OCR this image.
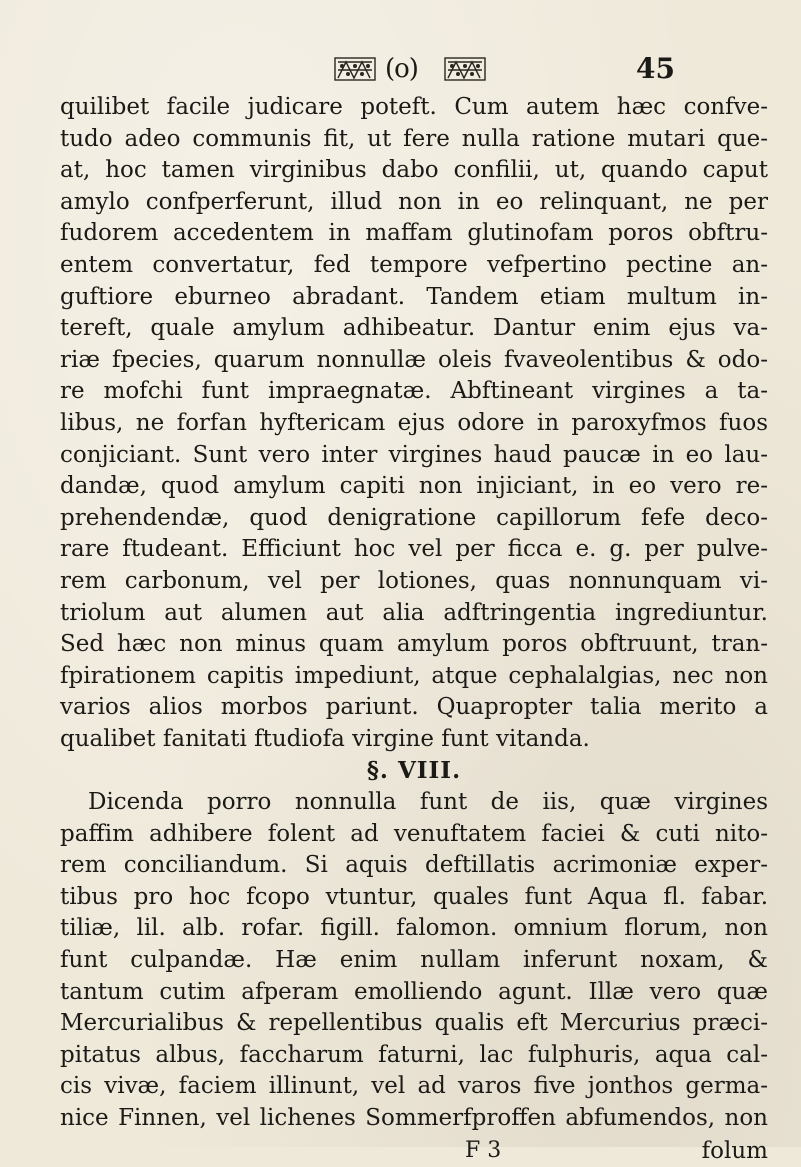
(o)	45
quilibet facile judicare poteft. Cum autem hæc confve-
tudo adeo communis fit, ut fere nulla ratione mutari que-
at, hoc tamen virginibus dabo confilii, ut, quando caput
amylo confperferunt, illud non in eo relinquant, ne per
fudorem accedentem in maffam glutinofam poros obftru-
entem convertatur, fed tempore vefpertino pectine an-
guftiore eburneo abradant. Tandem etiam multum in-
tereft, quale amylum adhibeatur. Dantur enim ejus va-
riæ fpecies, quarum nonnullæ oleis fvaveolentibus & odo-
re mofchi funt impraegnatæ. Abftineant virgines a ta-
libus, ne forfan hyftericam ejus odore in paroxyfmos fuos
conjiciant. Sunt vero inter virgines haud paucæ in eo lau-
dandæ, quod amylum capiti non injiciant, in eo vero re-
prehendendæ, quod denigratione capillorum fefe deco-
rare ftudeant. Efficiunt hoc vel per ficca e. g. per pulve-
rem carbonum, vel per lotiones, quas nonnunquam vi-
triolum aut alumen aut alia adftringentia ingrediuntur.
Sed hæc non minus quam amylum poros obftruunt, tran-
fpirationem capitis impediunt, atque cephalalgias, nec non
varios alios morbos pariunt. Quapropter talia merito a
qualibet fanitati ftudiofa virgine funt vitanda.
§. VIII.
Dicenda porro nonnulla funt de iis, quæ virgines
paffim adhibere folent ad venuftatem faciei & cuti nito-
rem conciliandum. Si aquis deftillatis acrimoniæ exper-
tibus pro hoc fcopo vtuntur, quales funt Aqua fl. fabar.
tiliæ, lil. alb. rofar. figill. falomon. omnium florum, non
funt culpandæ. Hæ enim nullam inferunt noxam, &
tantum cutim afperam emolliendo agunt. Illæ vero quæ
Mercurialibus & repellentibus qualis eft Mercurius præci-
pitatus albus, faccharum faturni, lac fulphuris, aqua cal-
cis vivæ, faciem illinunt, vel ad varos five jonthos germa-
nice Finnen, vel lichenes Sommerfproffen abfumendos, non
F 3	folum
